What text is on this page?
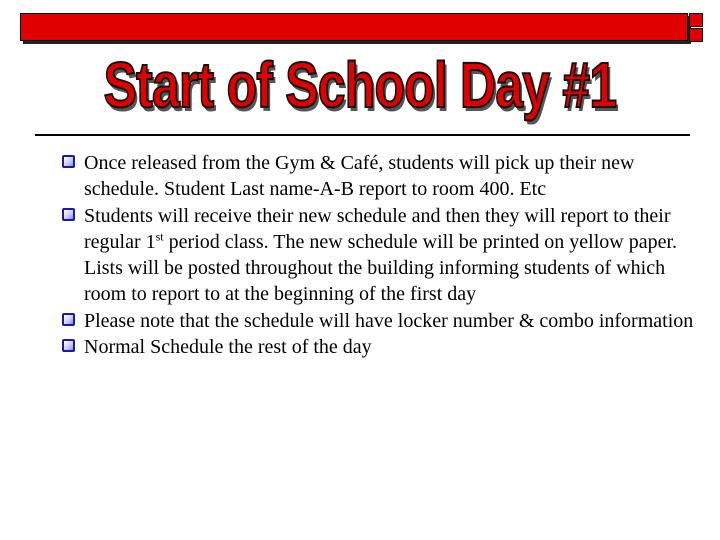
Start of School Day #1
Once released from the Gym & Café, students will pick up their new schedule. Student Last name-A-B report to room 400. Etc
Students will receive their new schedule and then they will report to their regular 1st period class. The new schedule will be printed on yellow paper. Lists will be posted throughout the building informing students of which room to report to at the beginning of the first day
Please note that the schedule will have locker number & combo information
Normal Schedule the rest of the day
